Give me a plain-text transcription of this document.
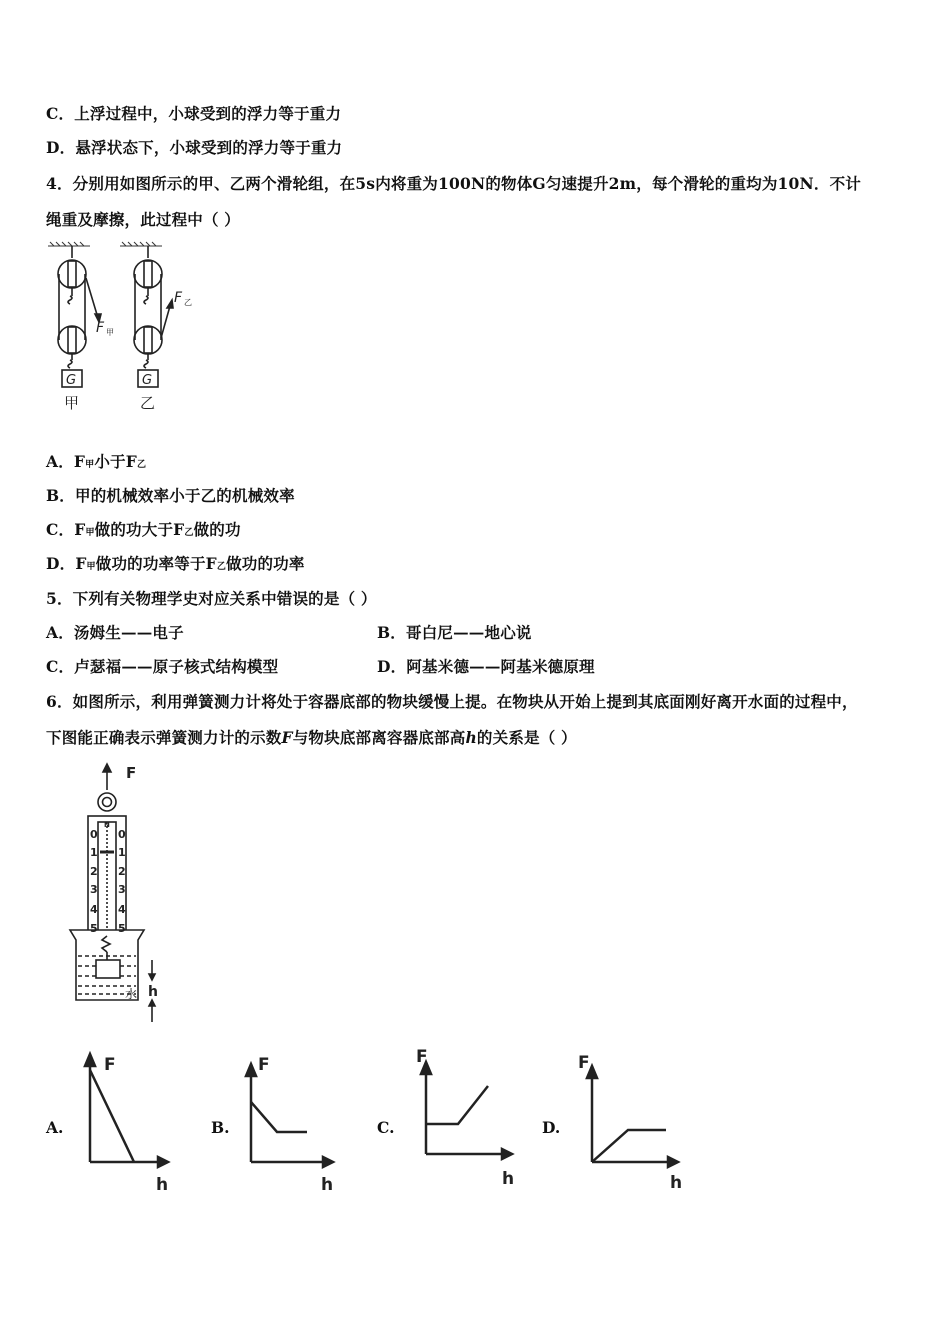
C．上浮过程中，小球受到的浮力等于重力
D．悬浮状态下，小球受到的浮力等于重力
4．分别用如图所示的甲、乙两个滑轮组，在5s内将重为100N的物体G匀速提升2m，每个滑轮的重均为10N．不计
绳重及摩擦，此过程中（ ）
G	G
F 甲
F 乙
甲	乙
A．F甲小于F乙
B．甲的机械效率小于乙的机械效率
C．F甲做的功大于F乙做的功
D．F甲做功的功率等于F乙做功的功率
5．下列有关物理学史对应关系中错误的是（ ）
A．汤姆生——电子	B．哥白尼——地心说
C．卢瑟福——原子核式结构模型	D．阿基米德——阿基米德原理
6．如图所示，利用弹簧测力计将处于容器底部的物块缓慢上提。在物块从开始上提到其底面刚好离开水面的过程中，
下图能正确表示弹簧测力计的示数F与物块底部离容器底部高h的关系是（ ）
F
N
0
1
2
3
4
5
0
1
2
3
4
5
水 h
A.
F
h
B.
F
h
C.
F
h
D.
F
h
